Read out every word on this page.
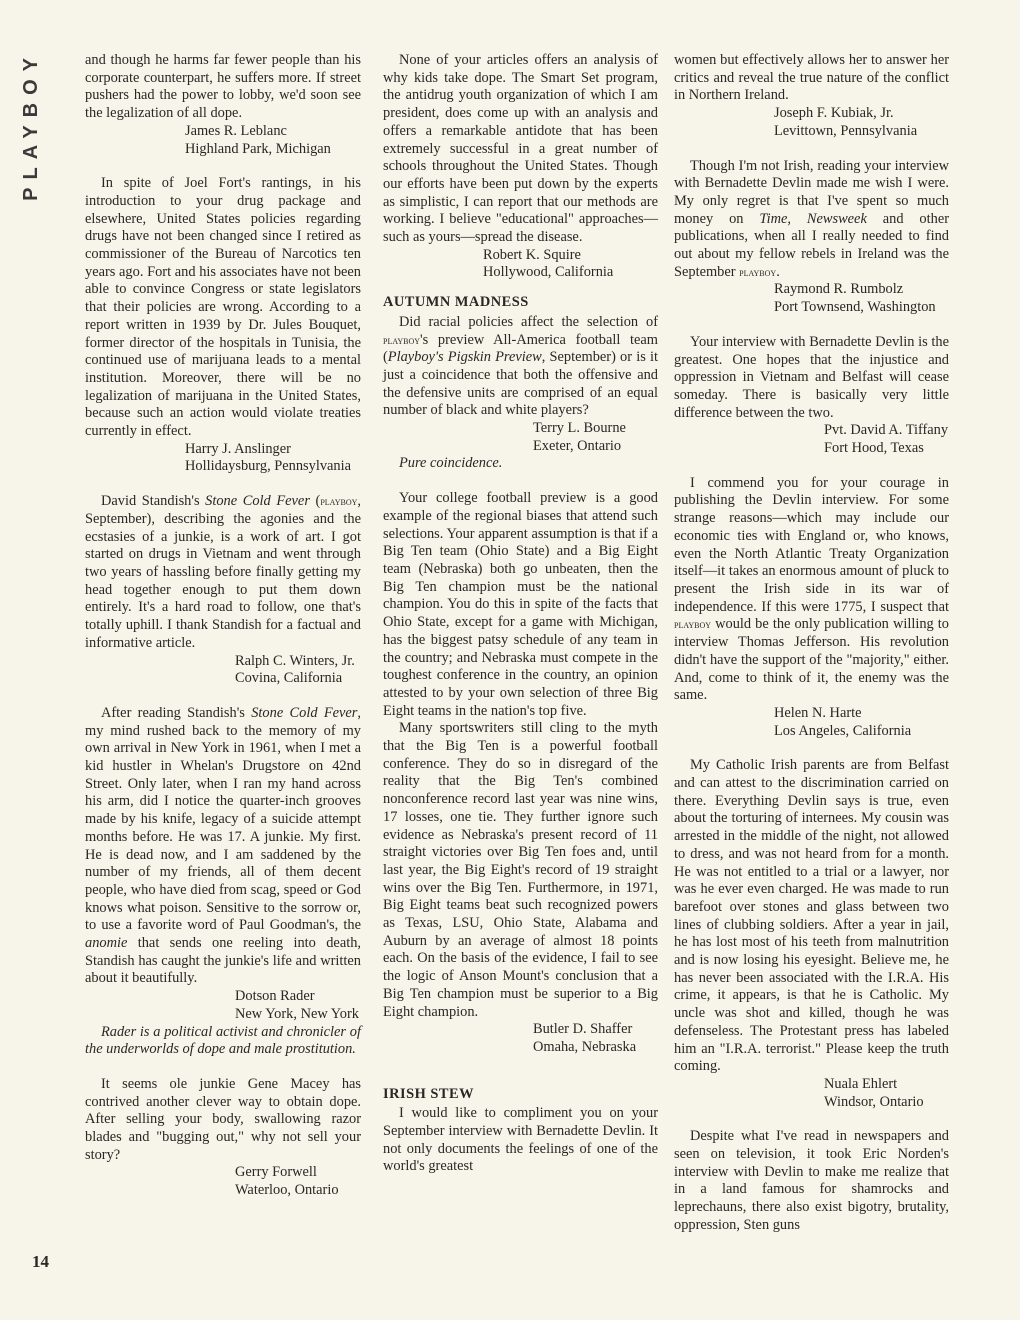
PLAYBOY	and though he harms far fewer people than his corporate counterpart, he suffers more. If street pushers had the power to lobby, we'd soon see the legalization of all dope.

James R. Leblanc
Highland Park, Michigan

In spite of Joel Fort's rantings, in his introduction to your drug package and elsewhere, United States policies regarding drugs have not been changed since I retired as commissioner of the Bureau of Narcotics ten years ago. Fort and his associates have not been able to convince Congress or state legislators that their policies are wrong. According to a report written in 1939 by Dr. Jules Bouquet, former director of the hospitals in Tunisia, the continued use of marijuana leads to a mental institution. Moreover, there will be no legalization of marijuana in the United States, because such an action would violate treaties currently in effect.

Harry J. Anslinger
Hollidaysburg, Pennsylvania

David Standish's Stone Cold Fever (playboy, September), describing the agonies and the ecstasies of a junkie, is a work of art. I got started on drugs in Vietnam and went through two years of hassling before finally getting my head together enough to put them down entirely. It's a hard road to follow, one that's totally uphill. I thank Standish for a factual and informative article.

Ralph C. Winters, Jr.
Covina, California

After reading Standish's Stone Cold Fever, my mind rushed back to the memory of my own arrival in New York in 1961, when I met a kid hustler in Whelan's Drugstore on 42nd Street. Only later, when I ran my hand across his arm, did I notice the quarter-inch grooves made by his knife, legacy of a suicide attempt months before. He was 17. A junkie. My first. He is dead now, and I am saddened by the number of my friends, all of them decent people, who have died from scag, speed or God knows what poison. Sensitive to the sorrow or, to use a favorite word of Paul Goodman's, the anomie that sends one reeling into death, Standish has caught the junkie's life and written about it beautifully.

Dotson Rader
New York, New York

Rader is a political activist and chronicler of the underworlds of dope and male prostitution.

It seems ole junkie Gene Macey has contrived another clever way to obtain dope. After selling your body, swallowing razor blades and "bugging out," why not sell your story?

Gerry Forwell
Waterloo, Ontario

None of your articles offers an analysis of why kids take dope. The Smart Set program, the antidrug youth organization of which I am president, does come up with an analysis and offers a remarkable antidote that has been extremely successful in a great number of schools throughout the United States. Though our efforts have been put down by the experts as simplistic, I can report that our methods are working. I believe "educational" approaches—such as yours—spread the disease.

Robert K. Squire
Hollywood, California
AUTUMN MADNESS

Did racial policies affect the selection of playboy's preview All-America football team (Playboy's Pigskin Preview, September) or is it just a coincidence that both the offensive and the defensive units are comprised of an equal number of black and white players?

Terry L. Bourne
Exeter, Ontario

Pure coincidence.

Your college football preview is a good example of the regional biases that attend such selections. Your apparent assumption is that if a Big Ten team (Ohio State) and a Big Eight team (Nebraska) both go unbeaten, then the Big Ten champion must be the national champion. You do this in spite of the facts that Ohio State, except for a game with Michigan, has the biggest patsy schedule of any team in the country; and Nebraska must compete in the toughest conference in the country, an opinion attested to by your own selection of three Big Eight teams in the nation's top five.

Many sportswriters still cling to the myth that the Big Ten is a powerful football conference. They do so in disregard of the reality that the Big Ten's combined nonconference record last year was nine wins, 17 losses, one tie. They further ignore such evidence as Nebraska's present record of 11 straight victories over Big Ten foes and, until last year, the Big Eight's record of 19 straight wins over the Big Ten. Furthermore, in 1971, Big Eight teams beat such recognized powers as Texas, LSU, Ohio State, Alabama and Auburn by an average of almost 18 points each. On the basis of the evidence, I fail to see the logic of Anson Mount's conclusion that a Big Ten champion must be superior to a Big Eight champion.

Butler D. Shaffer
Omaha, Nebraska
IRISH STEW

I would like to compliment you on your September interview with Bernadette Devlin. It not only documents the feelings of one of the world's greatest

women but effectively allows her to answer her critics and reveal the true nature of the conflict in Northern Ireland.

Joseph F. Kubiak, Jr.
Levittown, Pennsylvania

Though I'm not Irish, reading your interview with Bernadette Devlin made me wish I were. My only regret is that I've spent so much money on Time, Newsweek and other publications, when all I really needed to find out about my fellow rebels in Ireland was the September playboy.

Raymond R. Rumbolz
Port Townsend, Washington

Your interview with Bernadette Devlin is the greatest. One hopes that the injustice and oppression in Vietnam and Belfast will cease someday. There is basically very little difference between the two.

Pvt. David A. Tiffany
Fort Hood, Texas

I commend you for your courage in publishing the Devlin interview. For some strange reasons—which may include our economic ties with England or, who knows, even the North Atlantic Treaty Organization itself—it takes an enormous amount of pluck to present the Irish side in its war of independence. If this were 1775, I suspect that playboy would be the only publication willing to interview Thomas Jefferson. His revolution didn't have the support of the "majority," either. And, come to think of it, the enemy was the same.

Helen N. Harte
Los Angeles, California

My Catholic Irish parents are from Belfast and can attest to the discrimination carried on there. Everything Devlin says is true, even about the torturing of internees. My cousin was arrested in the middle of the night, not allowed to dress, and was not heard from for a month. He was not entitled to a trial or a lawyer, nor was he ever even charged. He was made to run barefoot over stones and glass between two lines of clubbing soldiers. After a year in jail, he has lost most of his teeth from malnutrition and is now losing his eyesight. Believe me, he has never been associated with the I.R.A. His crime, it appears, is that he is Catholic. My uncle was shot and killed, though he was defenseless. The Protestant press has labeled him an "I.R.A. terrorist." Please keep the truth coming.

Nuala Ehlert
Windsor, Ontario

Despite what I've read in newspapers and seen on television, it took Eric Norden's interview with Devlin to make me realize that in a land famous for shamrocks and leprechauns, there also exist bigotry, brutality, oppression, Sten guns

14
